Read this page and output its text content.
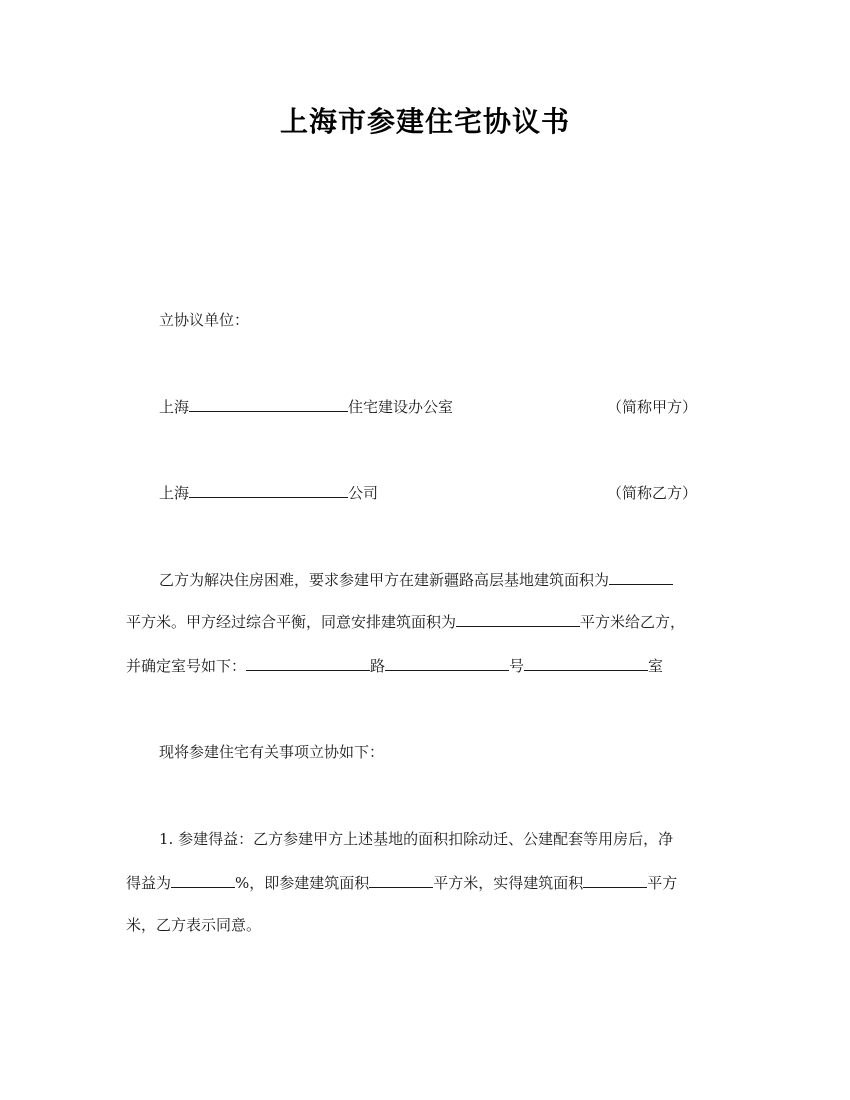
上海市参建住宅协议书
立协议单位：
上海	住宅建设办公室	（简称甲方）
上海	公司	（简称乙方）
乙方为解决住房困难，要求参建甲方在建新疆路高层基地建筑面积为
平方米。甲方经过综合平衡，同意安排建筑面积为	平方米给乙方，
并确定室号如下：	路	号	室
现将参建住宅有关事项立协如下：
1. 参建得益：乙方参建甲方上述基地的面积扣除动迁、公建配套等用房后，净
得益为	%，即参建建筑面积	平方米，实得建筑面积	平方
米，乙方表示同意。
